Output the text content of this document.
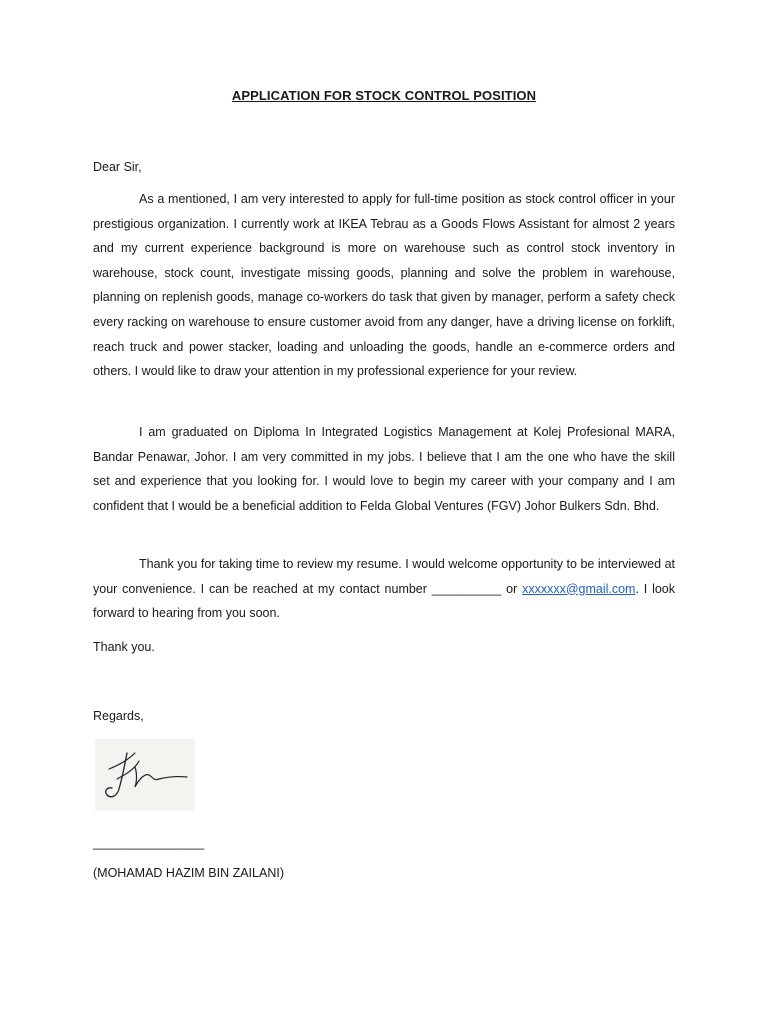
APPLICATION FOR STOCK CONTROL POSITION
Dear Sir,

As a mentioned, I am very interested to apply for full-time position as stock control officer in your prestigious organization. I currently work at IKEA Tebrau as a Goods Flows Assistant for almost 2 years and my current experience background is more on warehouse such as control stock inventory in warehouse, stock count, investigate missing goods, planning and solve the problem in warehouse, planning on replenish goods, manage co-workers do task that given by manager, perform a safety check every racking on warehouse to ensure customer avoid from any danger, have a driving license on forklift, reach truck and power stacker, loading and unloading the goods, handle an e-commerce orders and others. I would like to draw your attention in my professional experience for your review.

I am graduated on Diploma In Integrated Logistics Management at Kolej Profesional MARA, Bandar Penawar, Johor. I am very committed in my jobs. I believe that I am the one who have the skill set and experience that you looking for. I would love to begin my career with your company and I am confident that I would be a beneficial addition to Felda Global Ventures (FGV) Johor Bulkers Sdn. Bhd.

Thank you for taking time to review my resume. I would welcome opportunity to be interviewed at your convenience. I can be reached at my contact number __________ or xxxxxxx@gmail.com. I look forward to hearing from you soon.

Thank you.
Regards,
________________
(MOHAMAD HAZIM BIN ZAILANI)
